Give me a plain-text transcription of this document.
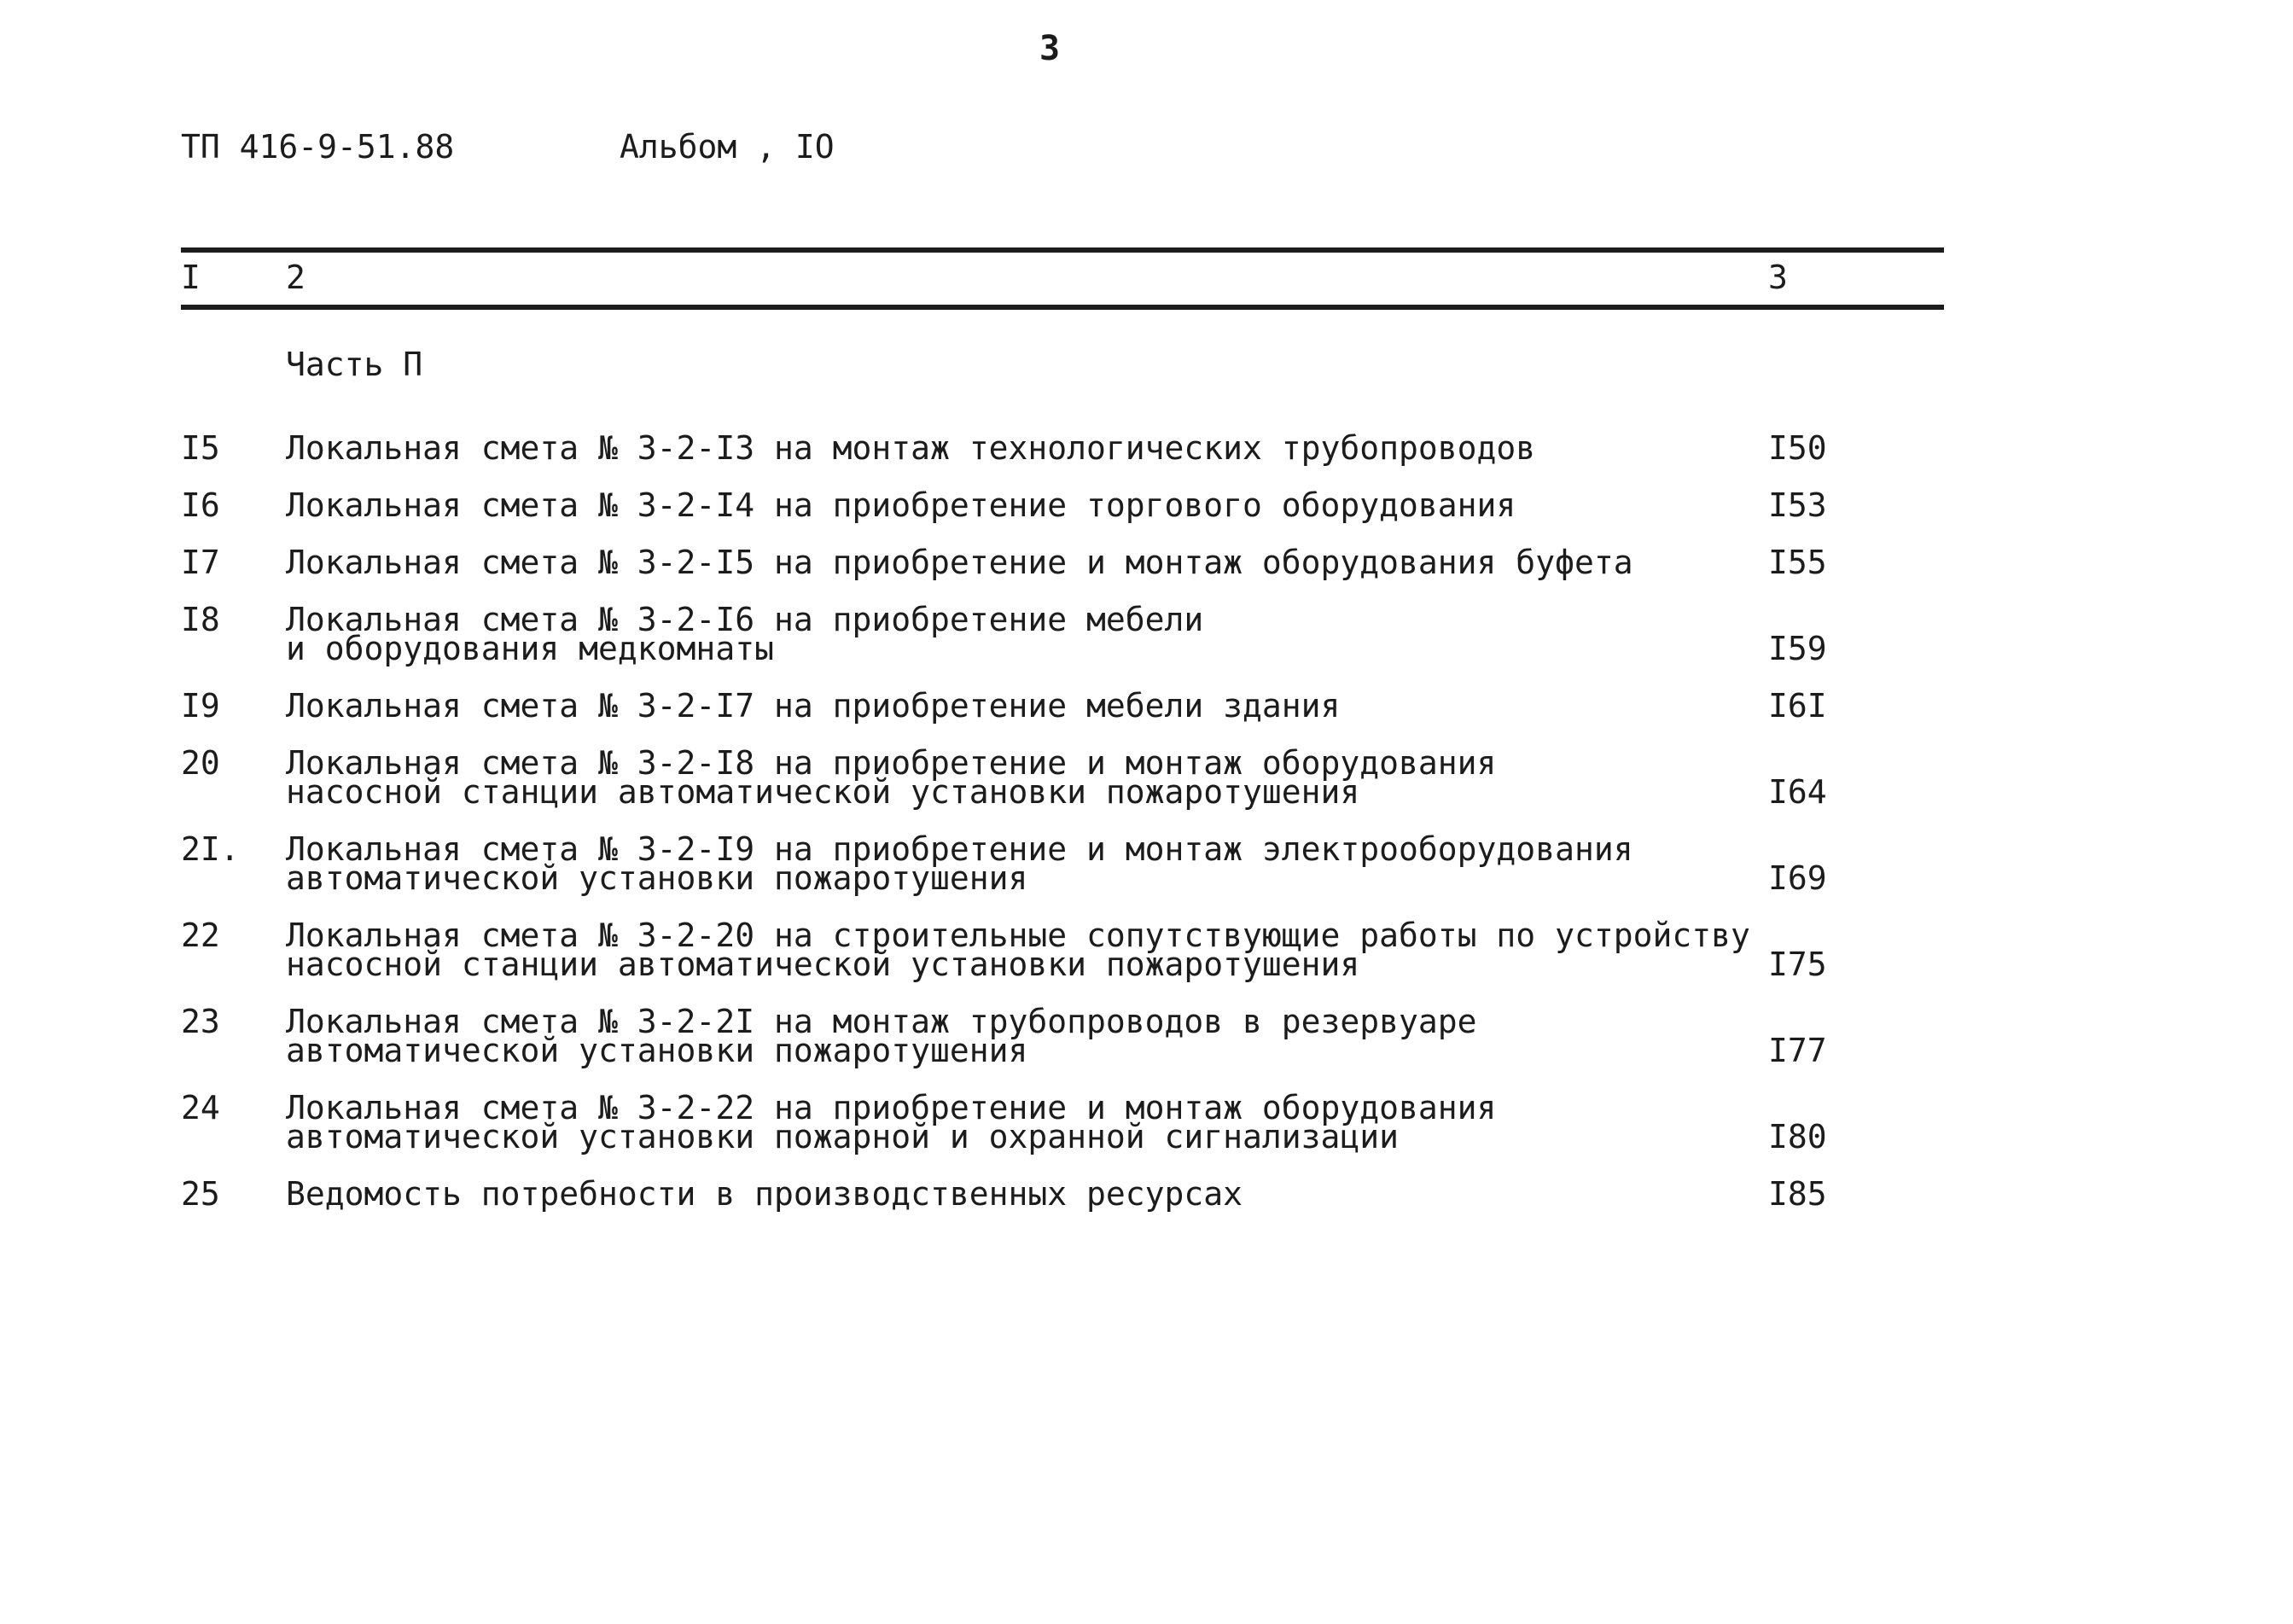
3
ТП 416-9-51.88	Альбом , IO
I	2	3
Часть П
I5 Локальная смета № 3-2-I3 на монтаж технологических трубопроводов	I50
I6 Локальная смета № 3-2-I4 на приобретение торгового оборудования	I53
I7 Локальная смета № 3-2-I5 на приобретение и монтаж оборудования буфета	I55
I8 Локальная смета № 3-2-I6 на приобретение мебели
и оборудования медкомнаты	I59
I9 Локальная смета № 3-2-I7 на приобретение мебели здания	I6I
20 Локальная смета № 3-2-I8 на приобретение и монтаж оборудования
насосной станции автоматической установки пожаротушения	I64
2I. Локальная смета № 3-2-I9 на приобретение и монтаж электрооборудования
автоматической установки пожаротушения	I69
22 Локальная смета № 3-2-20 на строительные сопутствующие работы по устройству
насосной станции автоматической установки пожаротушения	I75
23 Локальная смета № 3-2-2I на монтаж трубопроводов в резервуаре
автоматической установки пожаротушения	I77
24 Локальная смета № 3-2-22 на приобретение и монтаж оборудования
автоматической установки пожарной и охранной сигнализации	I80
25 Ведомость потребности в производственных ресурсах	I85
